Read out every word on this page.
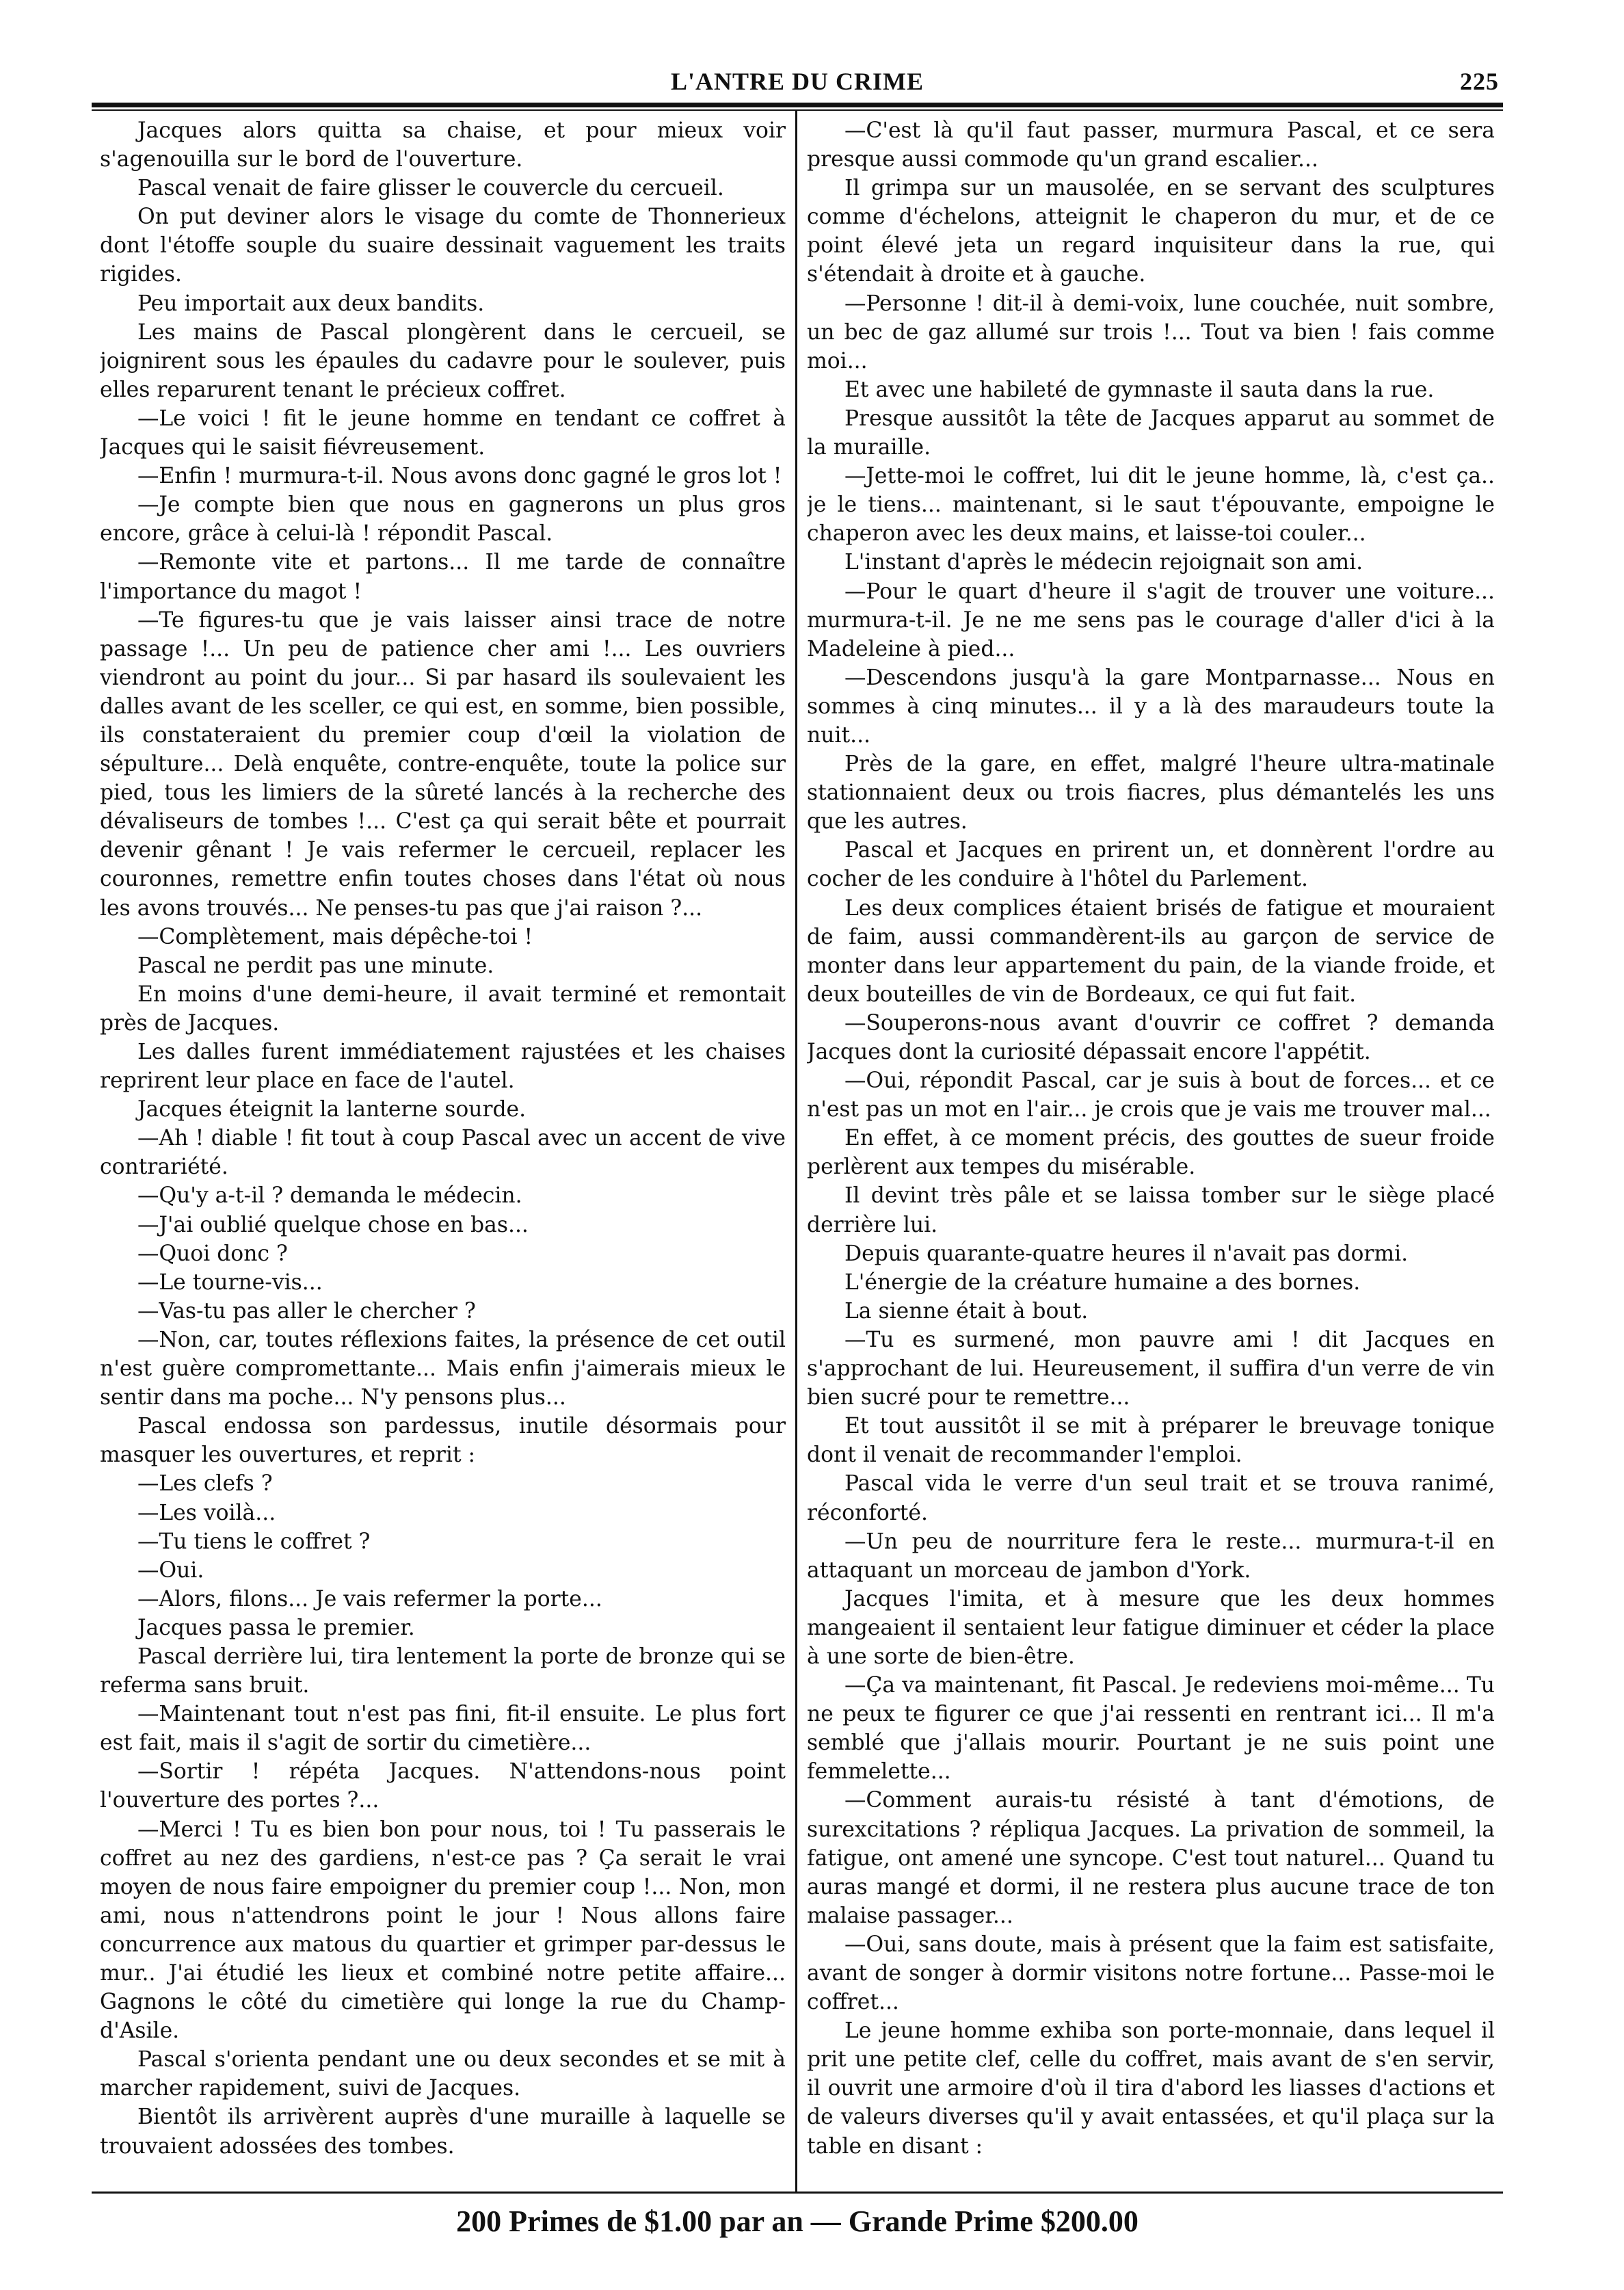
L'ANTRE DU CRIME	225

Jacques alors quitta sa chaise, et pour mieux voir s'agenouilla sur le bord de l'ouverture.

Pascal venait de faire glisser le couvercle du cercueil.

On put deviner alors le visage du comte de Thonnerieux dont l'étoffe souple du suaire dessinait vaguement les traits rigides.

Peu importait aux deux bandits.

Les mains de Pascal plongèrent dans le cercueil, se joignirent sous les épaules du cadavre pour le soulever, puis elles reparurent tenant le précieux coffret.

—Le voici ! fit le jeune homme en tendant ce coffret à Jacques qui le saisit fiévreusement.

—Enfin ! murmura-t-il. Nous avons donc gagné le gros lot !

—Je compte bien que nous en gagnerons un plus gros encore, grâce à celui-là ! répondit Pascal.

—Remonte vite et partons... Il me tarde de connaître l'importance du magot !

—Te figures-tu que je vais laisser ainsi trace de notre passage !... Un peu de patience cher ami !... Les ouvriers viendront au point du jour... Si par hasard ils soulevaient les dalles avant de les sceller, ce qui est, en somme, bien possible, ils constateraient du premier coup d'œil la violation de sépulture... Delà enquête, contre-enquête, toute la police sur pied, tous les limiers de la sûreté lancés à la recherche des dévaliseurs de tombes !... C'est ça qui serait bête et pourrait devenir gênant ! Je vais refermer le cercueil, replacer les couronnes, remettre enfin toutes choses dans l'état où nous les avons trouvés... Ne penses-tu pas que j'ai raison ?...

—Complètement, mais dépêche-toi !

Pascal ne perdit pas une minute.

En moins d'une demi-heure, il avait terminé et remontait près de Jacques.

Les dalles furent immédiatement rajustées et les chaises reprirent leur place en face de l'autel.

Jacques éteignit la lanterne sourde.

—Ah ! diable ! fit tout à coup Pascal avec un accent de vive contrariété.

—Qu'y a-t-il ? demanda le médecin.

—J'ai oublié quelque chose en bas...

—Quoi donc ?

—Le tourne-vis...

—Vas-tu pas aller le chercher ?

—Non, car, toutes réflexions faites, la présence de cet outil n'est guère compromettante... Mais enfin j'aimerais mieux le sentir dans ma poche... N'y pensons plus...

Pascal endossa son pardessus, inutile désormais pour masquer les ouvertures, et reprit :

—Les clefs ?

—Les voilà...

—Tu tiens le coffret ?

—Oui.

—Alors, filons... Je vais refermer la porte...

Jacques passa le premier.

Pascal derrière lui, tira lentement la porte de bronze qui se referma sans bruit.

—Maintenant tout n'est pas fini, fit-il ensuite. Le plus fort est fait, mais il s'agit de sortir du cimetière...

—Sortir ! répéta Jacques. N'attendons-nous point l'ouverture des portes ?...

—Merci ! Tu es bien bon pour nous, toi ! Tu passerais le coffret au nez des gardiens, n'est-ce pas ? Ça serait le vrai moyen de nous faire empoigner du premier coup !... Non, mon ami, nous n'attendrons point le jour ! Nous allons faire concurrence aux matous du quartier et grimper par-dessus le mur.. J'ai étudié les lieux et combiné notre petite affaire... Gagnons le côté du cimetière qui longe la rue du Champ-d'Asile.

Pascal s'orienta pendant une ou deux secondes et se mit à marcher rapidement, suivi de Jacques.

Bientôt ils arrivèrent auprès d'une muraille à laquelle se trouvaient adossées des tombes.

—C'est là qu'il faut passer, murmura Pascal, et ce sera presque aussi commode qu'un grand escalier...

Il grimpa sur un mausolée, en se servant des sculptures comme d'échelons, atteignit le chaperon du mur, et de ce point élevé jeta un regard inquisiteur dans la rue, qui s'étendait à droite et à gauche.

—Personne ! dit-il à demi-voix, lune couchée, nuit sombre, un bec de gaz allumé sur trois !... Tout va bien ! fais comme moi...

Et avec une habileté de gymnaste il sauta dans la rue.

Presque aussitôt la tête de Jacques apparut au sommet de la muraille.

—Jette-moi le coffret, lui dit le jeune homme, là, c'est ça.. je le tiens... maintenant, si le saut t'épouvante, empoigne le chaperon avec les deux mains, et laisse-toi couler...

L'instant d'après le médecin rejoignait son ami.

—Pour le quart d'heure il s'agit de trouver une voiture... murmura-t-il. Je ne me sens pas le courage d'aller d'ici à la Madeleine à pied...

—Descendons jusqu'à la gare Montparnasse... Nous en sommes à cinq minutes... il y a là des maraudeurs toute la nuit...

Près de la gare, en effet, malgré l'heure ultra-matinale stationnaient deux ou trois fiacres, plus démantelés les uns que les autres.

Pascal et Jacques en prirent un, et donnèrent l'ordre au cocher de les conduire à l'hôtel du Parlement.

Les deux complices étaient brisés de fatigue et mouraient de faim, aussi commandèrent-ils au garçon de service de monter dans leur appartement du pain, de la viande froide, et deux bouteilles de vin de Bordeaux, ce qui fut fait.

—Souperons-nous avant d'ouvrir ce coffret ? demanda Jacques dont la curiosité dépassait encore l'appétit.

—Oui, répondit Pascal, car je suis à bout de forces... et ce n'est pas un mot en l'air... je crois que je vais me trouver mal...

En effet, à ce moment précis, des gouttes de sueur froide perlèrent aux tempes du misérable.

Il devint très pâle et se laissa tomber sur le siège placé derrière lui.

Depuis quarante-quatre heures il n'avait pas dormi.

L'énergie de la créature humaine a des bornes.

La sienne était à bout.

—Tu es surmené, mon pauvre ami ! dit Jacques en s'approchant de lui. Heureusement, il suffira d'un verre de vin bien sucré pour te remettre...

Et tout aussitôt il se mit à préparer le breuvage tonique dont il venait de recommander l'emploi.

Pascal vida le verre d'un seul trait et se trouva ranimé, réconforté.

—Un peu de nourriture fera le reste... murmura-t-il en attaquant un morceau de jambon d'York.

Jacques l'imita, et à mesure que les deux hommes mangeaient il sentaient leur fatigue diminuer et céder la place à une sorte de bien-être.

—Ça va maintenant, fit Pascal. Je redeviens moi-même... Tu ne peux te figurer ce que j'ai ressenti en rentrant ici... Il m'a semblé que j'allais mourir. Pourtant je ne suis point une femmelette...

—Comment aurais-tu résisté à tant d'émotions, de surexcitations ? répliqua Jacques. La privation de sommeil, la fatigue, ont amené une syncope. C'est tout naturel... Quand tu auras mangé et dormi, il ne restera plus aucune trace de ton malaise passager...

—Oui, sans doute, mais à présent que la faim est satisfaite, avant de songer à dormir visitons notre fortune... Passe-moi le coffret...

Le jeune homme exhiba son porte-monnaie, dans lequel il prit une petite clef, celle du coffret, mais avant de s'en servir, il ouvrit une armoire d'où il tira d'abord les liasses d'actions et de valeurs diverses qu'il y avait entassées, et qu'il plaça sur la table en disant :

200 Primes de $1.00 par an — Grande Prime $200.00
